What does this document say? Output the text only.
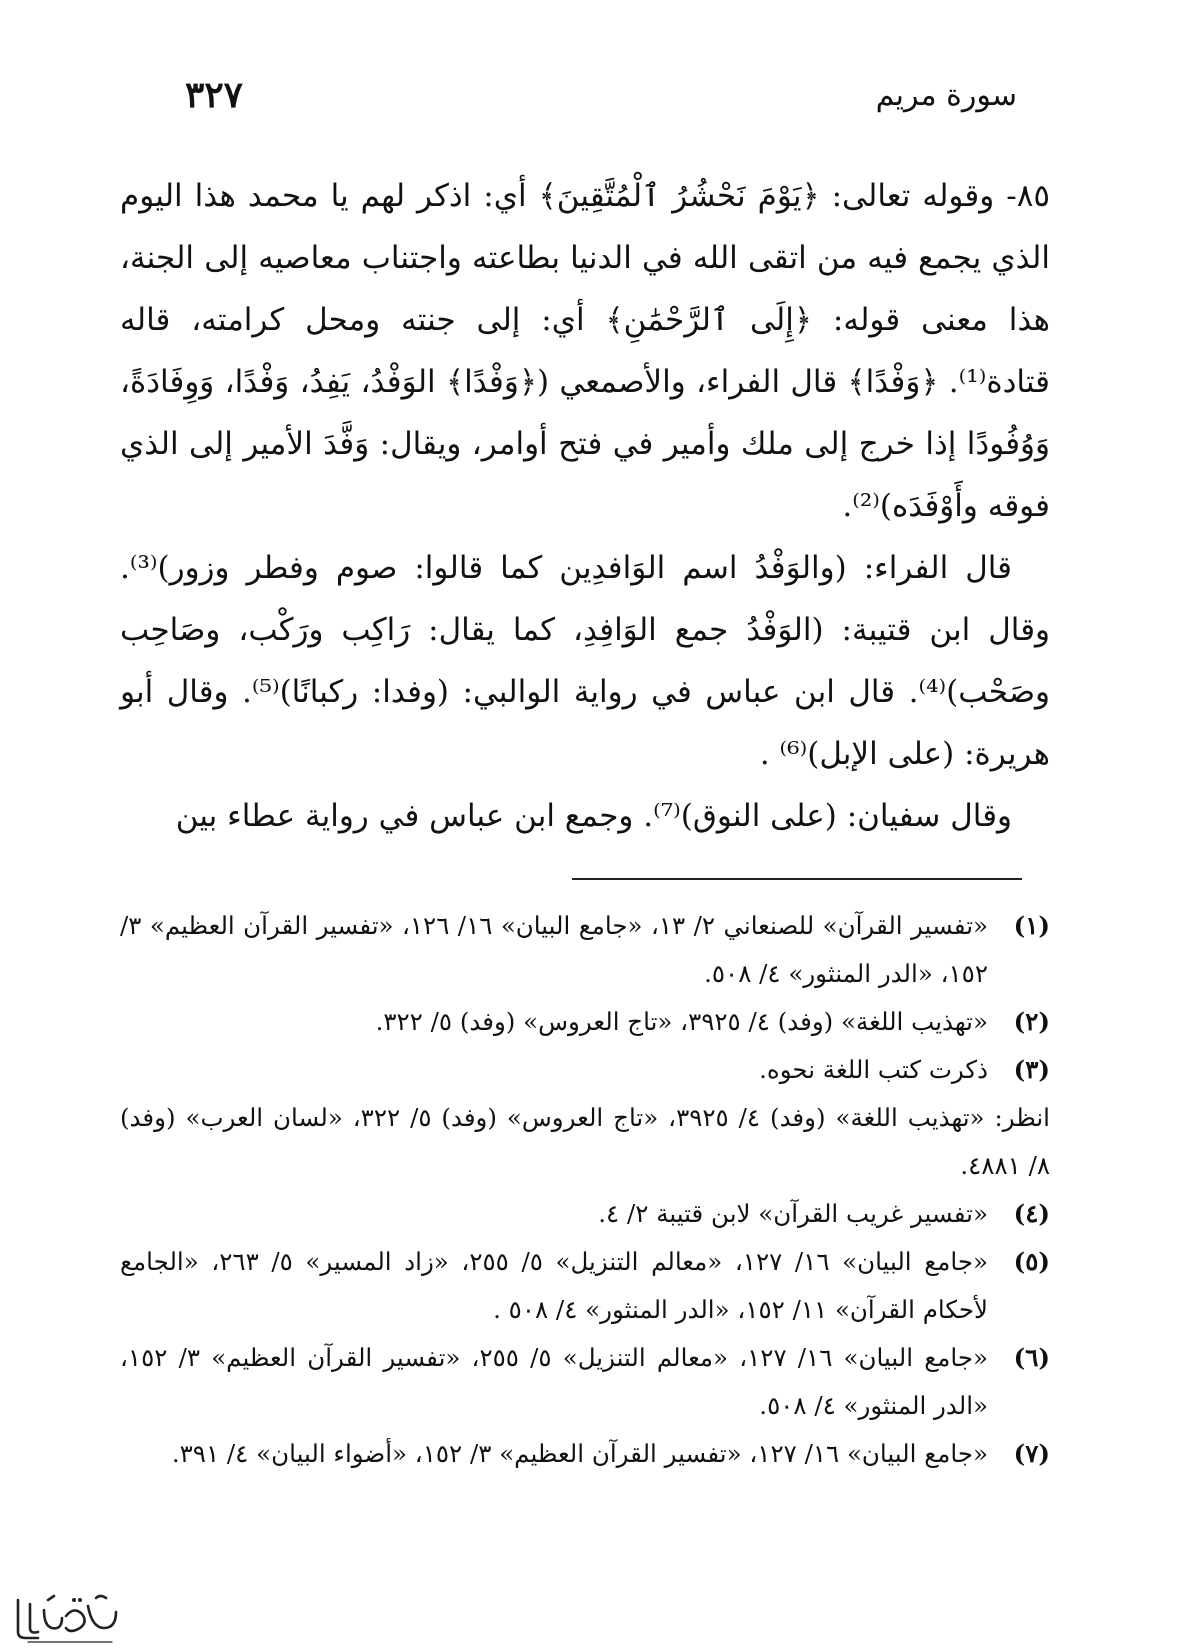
سورة مريم
٣٢٧

٨٥- وقوله تعالى: ﴿يَوْمَ نَحْشُرُ ٱلْمُتَّقِينَ﴾ أي: اذكر لهم يا محمد هذا اليوم الذي يجمع فيه من اتقى الله في الدنيا بطاعته واجتناب معاصيه إلى الجنة، هذا معنى قوله: ﴿إِلَى ٱلرَّحْمَٰنِ﴾ أي: إلى جنته ومحل كرامته، قاله قتادة⁽¹⁾. ﴿وَفْدًا﴾ قال الفراء، والأصمعي (﴿وَفْدًا﴾ الوَفْدُ، يَفِدُ، وَفْدًا، وَوِفَادَةً، وَوُفُودًا إذا خرج إلى ملك وأمير في فتح أوامر، ويقال: وَفَّدَ الأمير إلى الذي فوقه وأَوْفَدَه)⁽²⁾.

قال الفراء: (والوَفْدُ اسم الوَافدِين كما قالوا: صوم وفطر وزور)⁽³⁾. وقال ابن قتيبة: (الوَفْدُ جمع الوَافِدِ، كما يقال: رَاكِب ورَكْب، وصَاحِب وصَحْب)⁽⁴⁾. قال ابن عباس في رواية الوالبي: (وفدا: ركبانًا)⁽⁵⁾. وقال أبو هريرة: (على الإبل)⁽⁶⁾ .

وقال سفيان: (على النوق)⁽⁷⁾. وجمع ابن عباس في رواية عطاء بين

(١)
«تفسير القرآن» للصنعاني ٢/ ١٣، «جامع البيان» ١٦/ ١٢٦، «تفسير القرآن العظيم» ٣/ ١٥٢، «الدر المنثور» ٤/ ٥٠٨.
(٢)
«تهذيب اللغة» (وفد) ٤/ ٣٩٢٥، «تاج العروس» (وفد) ٥/ ٣٢٢.
(٣)
ذكرت كتب اللغة نحوه.
انظر: «تهذيب اللغة» (وفد) ٤/ ٣٩٢٥، «تاج العروس» (وفد) ٥/ ٣٢٢، «لسان العرب» (وفد) ٨/ ٤٨٨١.
(٤)
«تفسير غريب القرآن» لابن قتيبة ٢/ ٤.
(٥)
«جامع البيان» ١٦/ ١٢٧، «معالم التنزيل» ٥/ ٢٥٥، «زاد المسير» ٥/ ٢٦٣، «الجامع لأحكام القرآن» ١١/ ١٥٢، «الدر المنثور» ٤/ ٥٠٨ .
(٦)
«جامع البيان» ١٦/ ١٢٧، «معالم التنزيل» ٥/ ٢٥٥، «تفسير القرآن العظيم» ٣/ ١٥٢، «الدر المنثور» ٤/ ٥٠٨.
(٧)
«جامع البيان» ١٦/ ١٢٧، «تفسير القرآن العظيم» ٣/ ١٥٢، «أضواء البيان» ٤/ ٣٩١.
